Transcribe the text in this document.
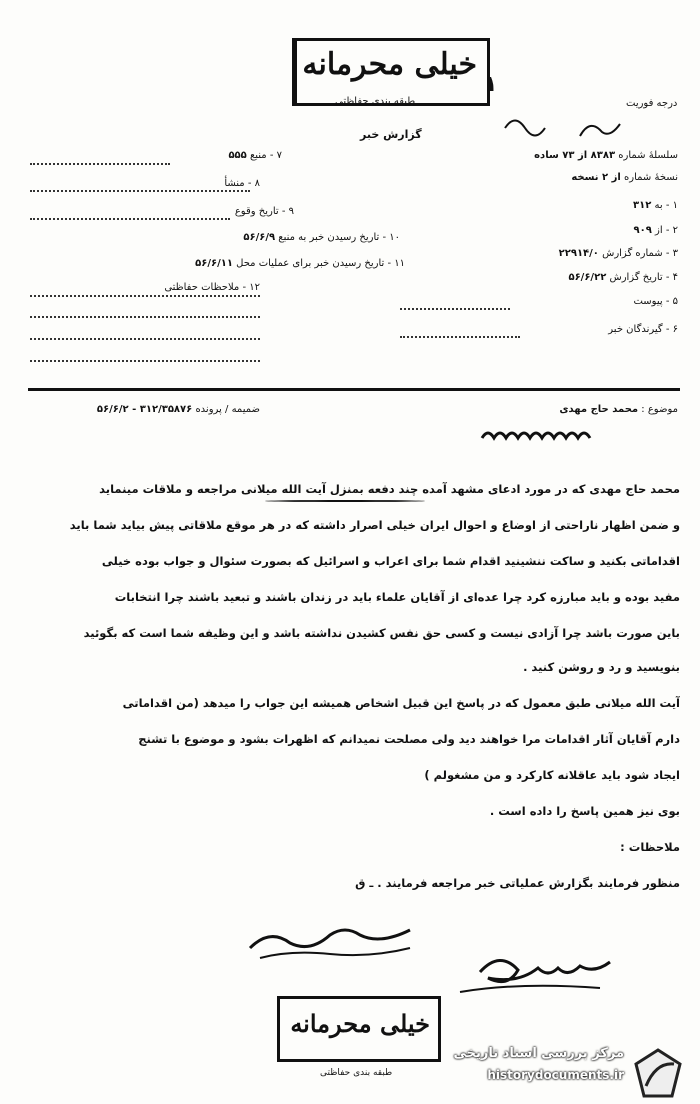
خیلی محرمانه
طبقه بندی حفاظتی
۱
درجه فوریت
گزارش خبر
سلسلۀ شماره ۸۳۸۳ از ۷۳ ساده
نسخۀ شماره از ۲ نسخه
۱ - به ۳۱۲
۲ - از ۹۰۹
۳ - شماره گزارش ۲۲۹۱۴/۰
۴ - تاریخ گزارش ۵۶/۶/۲۲
۵ - پیوست
۶ - گیرندگان خبر
۷ - منبع ۵۵۵
۸ - منشأ
۹ - تاریخ وقوع
۱۰ - تاریخ رسیدن خبر به منبع ۵۶/۶/۹
۱۱ - تاریخ رسیدن خبر برای عملیات محل ۵۶/۶/۱۱
۱۲ - ملاحظات حفاظتی
موضوع : محمد حاج مهدی
ضمیمه / پرونده ۳۱۲/۳۵۸۷۶ - ۵۶/۶/۲
محمد حاج مهدی که در مورد ادعای مشهد آمده چند دفعه بمنزل آیت الله میلانی مراجعه و ملاقات مینماید
و ضمن اظهار ناراحتی از اوضاع و احوال ایران خیلی اصرار داشته که در هر موقع ملاقاتی پیش بیاید شما باید
اقداماتی بکنید و ساکت ننشینید اقدام شما برای اعراب و اسرائیل که بصورت سئوال و جواب بوده خیلی
مفید بوده و باید مبارزه کرد چرا عده‌ای از آقایان علماء باید در زندان باشند و تبعید باشند چرا انتخابات
باین صورت باشد چرا آزادی نیست و کسی حق نفس کشیدن نداشته باشد و این وظیفه شما است که بگوئید
بنویسید و رد و روشن کنید .
آیت الله میلانی طبق معمول که در پاسخ این قبیل اشخاص همیشه این جواب را میدهد (من اقداماتی
دارم آقایان آثار اقدامات مرا خواهند دید ولی مصلحت نمیدانم که اظهرات بشود و موضوع با تشنج
ایجاد شود باید عاقلانه کارکرد و من مشغولم )
بوی نیز همین پاسخ را داده است .
ملاحظات :
منظور فرمایند بگزارش عملیاتی خبر مراجعه فرمایند . ـ ق
خیلی محرمانه
طبقه بندی حفاظتی
مرکز بررسی اسناد تاریخی
historydocuments.ir
